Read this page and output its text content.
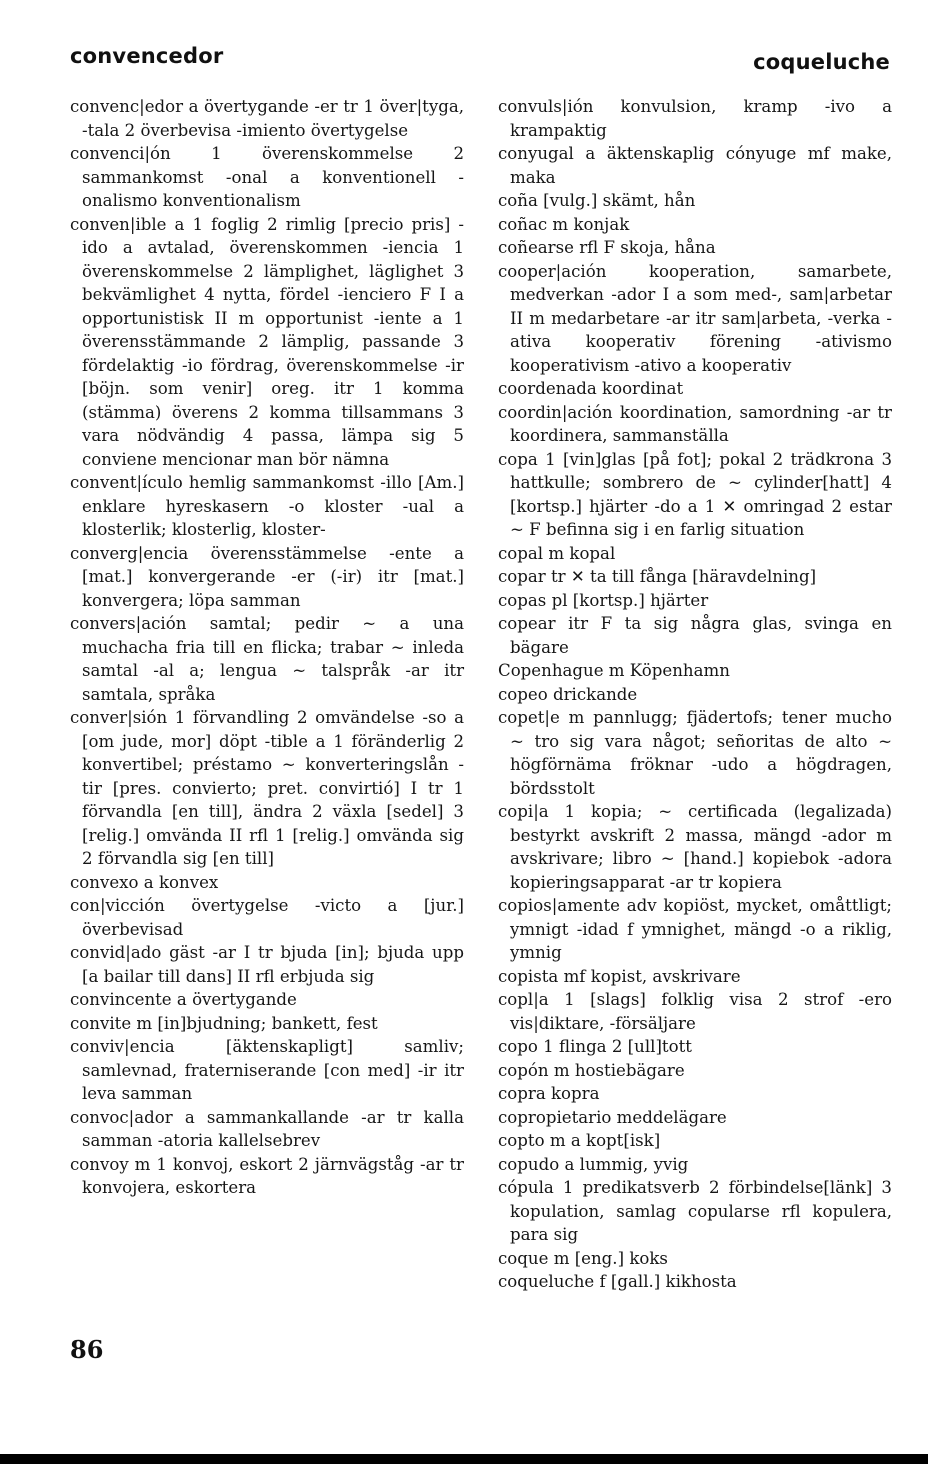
convencedor	coqueluche

convenc|edor a övertygande -er tr 1 över|tyga, -tala 2 överbevisa -imiento övertygelse

convenci|ón 1 överenskommelse 2 sammankomst -onal a konventionell -onalismo konventionalism

conven|ible a 1 foglig 2 rimlig [precio pris] -ido a avtalad, överenskommen -iencia 1 överenskommelse 2 lämplighet, läglighet 3 bekvämlighet 4 nytta, fördel -ienciero F I a opportunistisk II m opportunist -iente a 1 överensstämmande 2 lämplig, passande 3 fördelaktig -io fördrag, överenskommelse -ir [böjn. som venir] oreg. itr 1 komma (stämma) överens 2 komma tillsammans 3 vara nödvändig 4 passa, lämpa sig 5 conviene mencionar man bör nämna

convent|ículo hemlig sammankomst -illo [Am.] enklare hyreskasern -o kloster -ual a klosterlik; klosterlig, kloster-

converg|encia överensstämmelse -ente a [mat.] konvergerande -er (-ir) itr [mat.] konvergera; löpa samman

convers|ación samtal; pedir ~ a una muchacha fria till en flicka; trabar ~ inleda samtal -al a; lengua ~ talspråk -ar itr samtala, språka

conver|sión 1 förvandling 2 omvändelse -so a [om jude, mor] döpt -tible a 1 föränderlig 2 konvertibel; préstamo ~ konverteringslån -tir [pres. convierto; pret. convirtió] I tr 1 förvandla [en till], ändra 2 växla [sedel] 3 [relig.] omvända II rfl 1 [relig.] omvända sig 2 förvandla sig [en till]

convexo a konvex

con|vicción övertygelse -victo a [jur.] överbevisad

convid|ado gäst -ar I tr bjuda [in]; bjuda upp [a bailar till dans] II rfl erbjuda sig

convincente a övertygande

convite m [in]bjudning; bankett, fest

conviv|encia [äktenskapligt] samliv; samlevnad, fraterniserande [con med] -ir itr leva samman

convoc|ador a sammankallande -ar tr kalla samman -atoria kallelsebrev

convoy m 1 konvoj, eskort 2 järnvägståg -ar tr konvojera, eskortera

convuls|ión konvulsion, kramp -ivo a krampaktig

conyugal a äktenskaplig cónyuge mf make, maka

coña [vulg.] skämt, hån

coñac m konjak

coñearse rfl F skoja, håna

cooper|ación kooperation, samarbete, medverkan -ador I a som med-, sam|arbetar II m medarbetare -ar itr sam|arbeta, -verka -ativa kooperativ förening -ativismo kooperativism -ativo a kooperativ

coordenada koordinat

coordin|ación koordination, samordning -ar tr koordinera, sammanställa

copa 1 [vin]glas [på fot]; pokal 2 trädkrona 3 hattkulle; sombrero de ~ cylinder[hatt] 4 [kortsp.] hjärter -do a 1 ✕ omringad 2 estar ~ F befinna sig i en farlig situation

copal m kopal

copar tr ✕ ta till fånga [häravdelning]

copas pl [kortsp.] hjärter

copear itr F ta sig några glas, svinga en bägare

Copenhague m Köpenhamn

copeo drickande

copet|e m pannlugg; fjädertofs; tener mucho ~ tro sig vara något; señoritas de alto ~ högförnäma fröknar -udo a högdragen, bördsstolt

copi|a 1 kopia; ~ certificada (legalizada) bestyrkt avskrift 2 massa, mängd -ador m avskrivare; libro ~ [hand.] kopiebok -adora kopieringsapparat -ar tr kopiera

copios|amente adv kopiöst, mycket, omåttligt; ymnigt -idad f ymnighet, mängd -o a riklig, ymnig

copista mf kopist, avskrivare

copl|a 1 [slags] folklig visa 2 strof -ero vis|diktare, -försäljare

copo 1 flinga 2 [ull]tott

copón m hostiebägare

copra kopra

copropietario meddelägare

copto m a kopt[isk]

copudo a lummig, yvig

cópula 1 predikatsverb 2 förbindelse[länk] 3 kopulation, samlag copularse rfl kopulera, para sig

coque m [eng.] koks

coqueluche f [gall.] kikhosta

86
